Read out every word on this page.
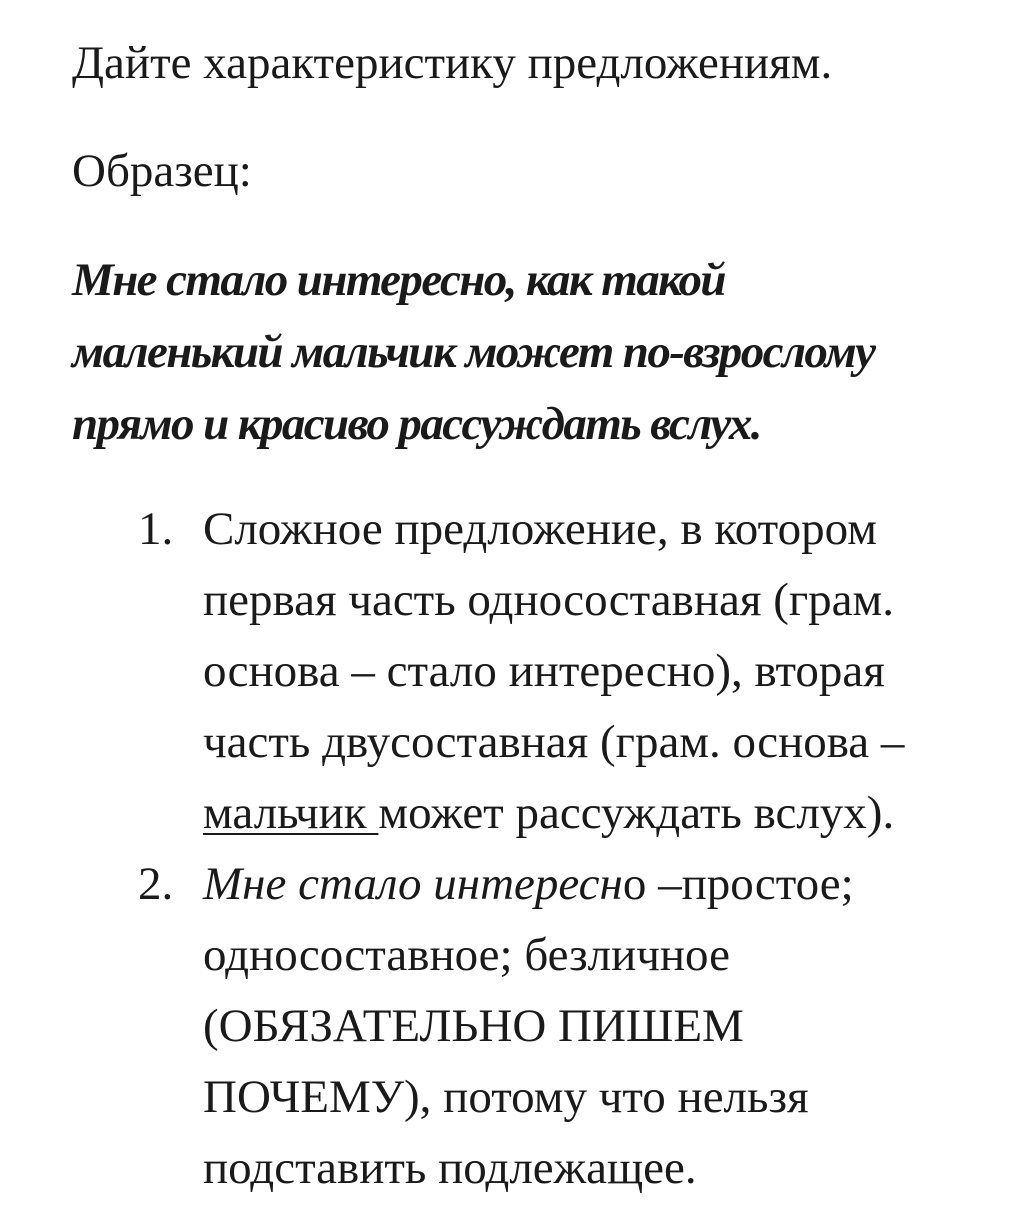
Дайте характеристику предложениям.

Образец:

Мне стало интересно, как такой
маленький мальчик может по-взрослому
прямо и красиво рассуждать вслух.
1. Сложное предложение, в котором
первая часть односоставная (грам.
основа – стало интересно), вторая
часть двусоставная (грам. основа –
мальчик может рассуждать вслух).
2. Мне стало интересно –простое;
односоставное; безличное
(ОБЯЗАТЕЛЬНО ПИШЕМ
ПОЧЕМУ), потому что нельзя
подставить подлежащее.
